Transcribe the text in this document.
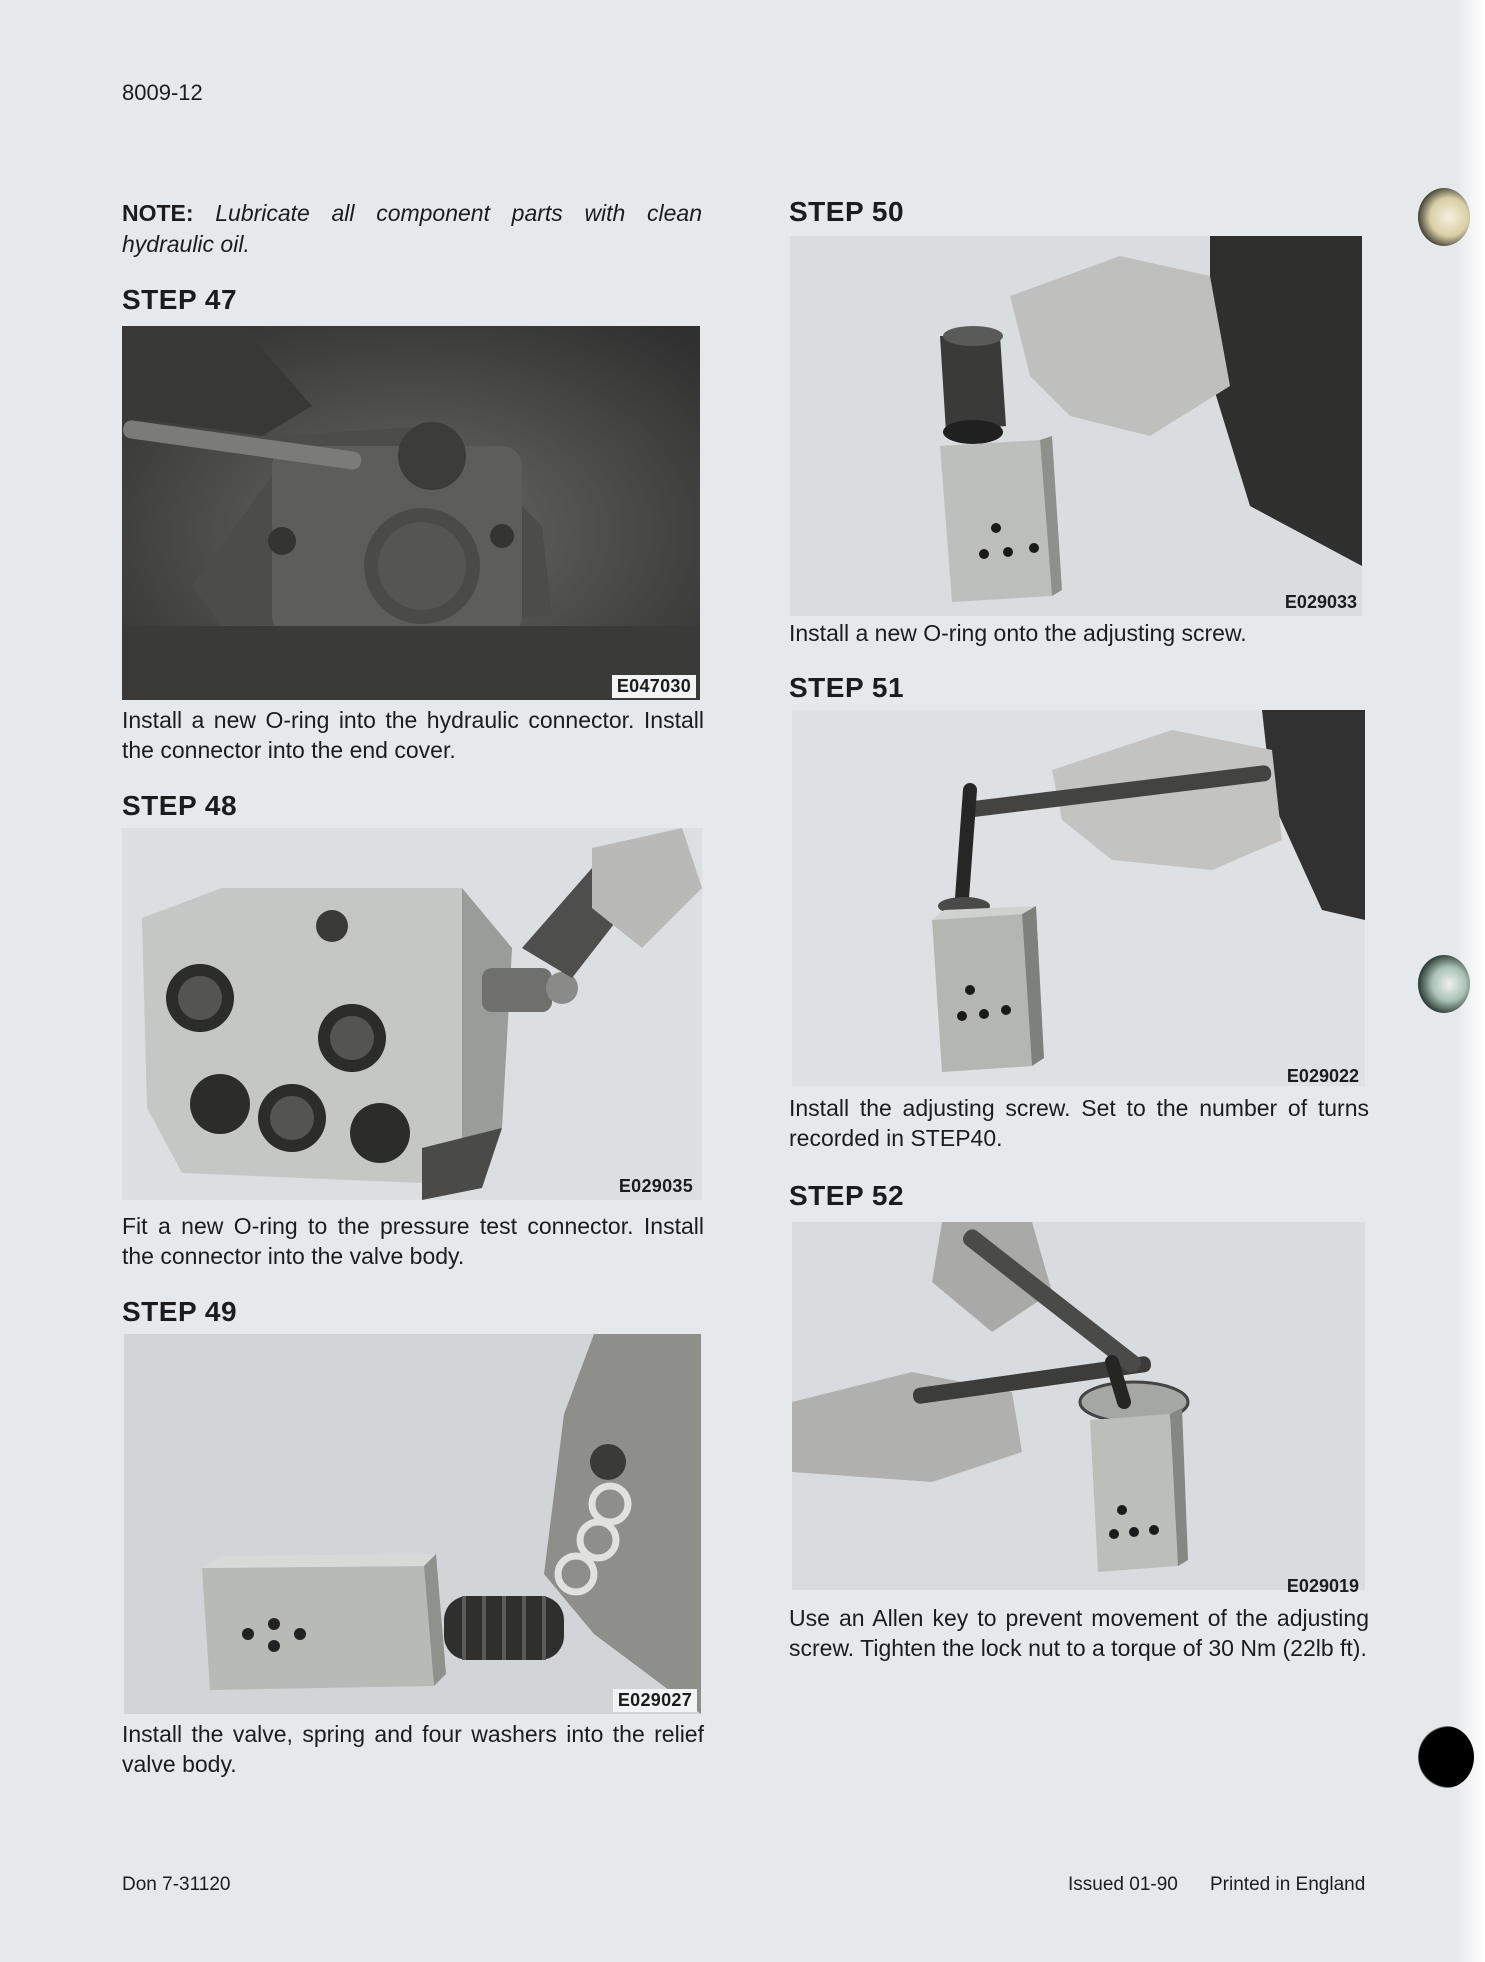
8009-12
NOTE: Lubricate all component parts with clean hydraulic oil.
STEP 47
E047030
Install a new O-ring into the hydraulic connector. Install the connector into the end cover.
STEP 48
E029035
Fit a new O-ring to the pressure test connector. Install the connector into the valve body.
STEP 49
E029027
Install the valve, spring and four washers into the relief valve body.
STEP 50
E029033
Install a new O-ring onto the adjusting screw.
STEP 51
E029022
Install the adjusting screw. Set to the number of turns recorded in STEP40.
STEP 52
E029019
Use an Allen key to prevent movement of the adjusting screw. Tighten the lock nut to a torque of 30 Nm (22lb ft).
Don 7-31120	Issued 01-90 Printed in England
